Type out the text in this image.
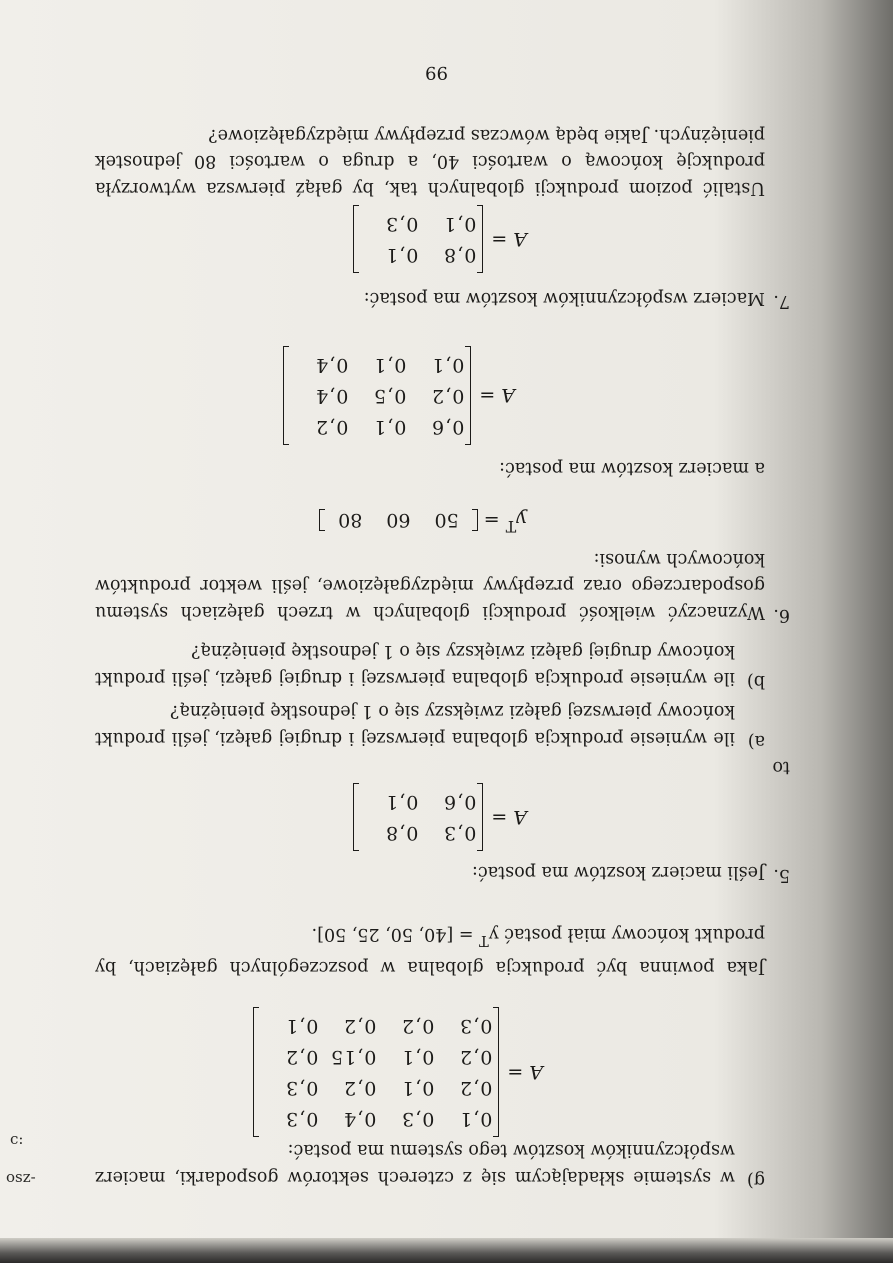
osz-
c:
g)

w systemie składającym się z czterech sektorów gospodarki, macierz współczynników kosztów tego systemu ma postać:

A =
0,1
0,3
0,4
0,3
0,2
0,1
0,2
0,3
0,2
0,1
0,15
0,2
0,3
0,2
0,2
0,1

Jaka powinna być produkcja globalna w poszczególnych gałęziach, by produkt końcowy miał postać $y^T = [40$, 50, 25, 50].

5.
Jeśli macierz kosztów ma postać:
A =
0,3
0,8
0,6
0,1
to
a)
ile wyniesie produkcja globalna pierwszej i drugiej gałęzi, jeśli produkt końcowy pierwszej gałęzi zwiększy się o 1 jednostkę pieniężną?
b)
ile wyniesie produkcja globalna pierwszej i drugiej gałęzi, jeśli produkt końcowy drugiej gałęzi zwiększy się o 1 jednostkę pieniężną?
6.
Wyznaczyć wielkość produkcji globalnych w trzech gałęziach systemu gospodarczego oraz przepływy międzygałęziowe, jeśli wektor produktów końcowych wynosi:
$y^T = 506080$
a macierz kosztów ma postać:
A =
0,6
0,1
0,2
0,2
0,5
0,4
0,1
0,1
0,4
7.
Macierz współczynników kosztów ma postać:
A =
0,8
0,1
0,1
0,3
Ustalić poziom produkcji globalnych tak, by gałąź pierwsza wytworzyła produkcję końcową o wartości 40, a druga o wartości 80 jednostek pieniężnych. Jakie będą wówczas przepływy międzygałęziowe?
99
